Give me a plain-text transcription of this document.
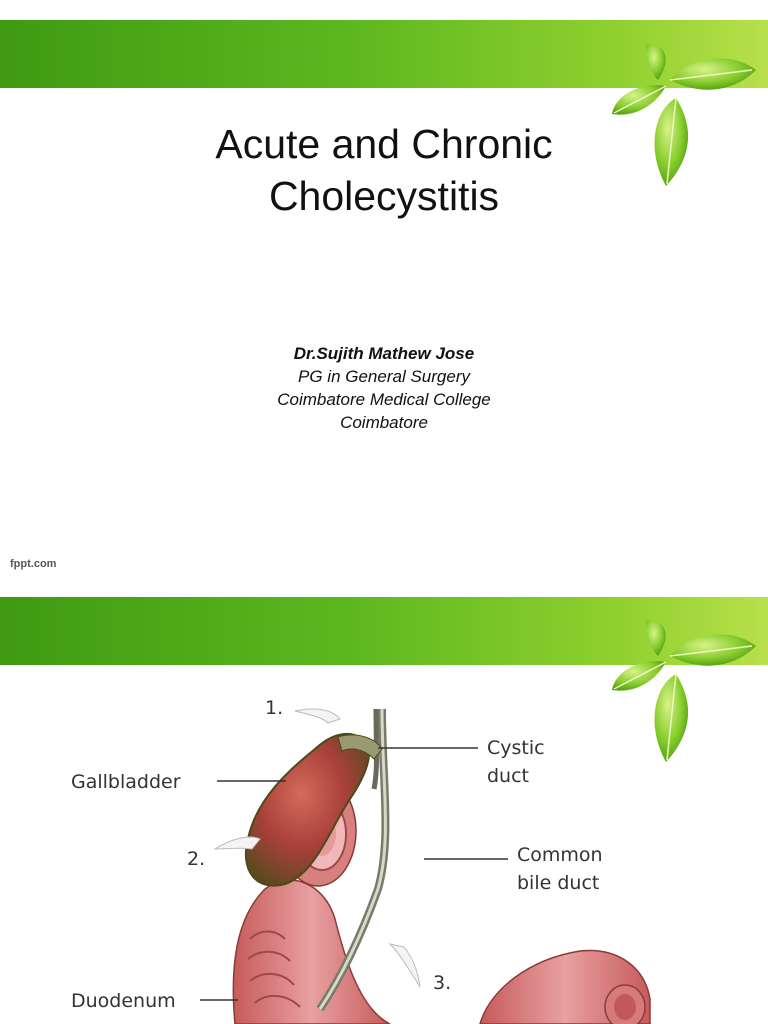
Acute and Chronic
Cholecystitis
Dr.Sujith Mathew Jose
PG in General Surgery
Coimbatore Medical College
Coimbatore
fppt.com
1.
2.
3.
Gallbladder
Cystic
duct
Common
bile duct
Duodenum
